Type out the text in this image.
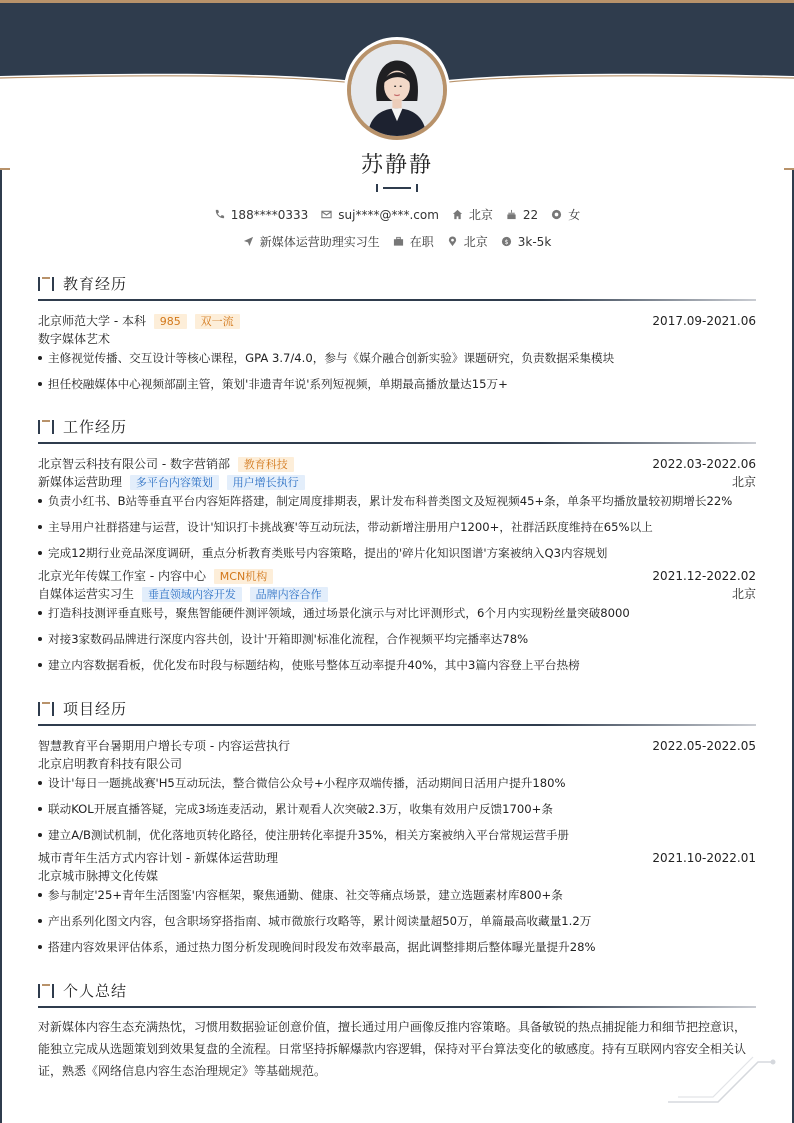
苏静静
188****0333	suj****@***.com	北京	22	女
新媒体运营助理实习生	在职	北京 $ 3k-5k
教育经历
北京师范大学 - 本科 985 双一流	2017.09-2021.06
数字媒体艺术
主修视觉传播、交互设计等核心课程，GPA 3.7/4.0，参与《媒介融合创新实验》课题研究，负责数据采集模块
担任校融媒体中心视频部副主管，策划'非遗青年说'系列短视频，单期最高播放量达15万+
工作经历
北京智云科技有限公司 - 数字营销部 教育科技	2022.03-2022.06
新媒体运营助理 多平台内容策划 用户增长执行	北京
负责小红书、B站等垂直平台内容矩阵搭建，制定周度排期表，累计发布科普类图文及短视频45+条，单条平均播放量较初期增长22%
主导用户社群搭建与运营，设计'知识打卡挑战赛'等互动玩法，带动新增注册用户1200+，社群活跃度维持在65%以上
完成12期行业竞品深度调研，重点分析教育类账号内容策略，提出的'碎片化知识图谱'方案被纳入Q3内容规划
北京光年传媒工作室 - 内容中心 MCN机构	2021.12-2022.02
自媒体运营实习生 垂直领域内容开发 品牌内容合作	北京
打造科技测评垂直账号，聚焦智能硬件测评领域，通过场景化演示与对比评测形式，6个月内实现粉丝量突破8000
对接3家数码品牌进行深度内容共创，设计'开箱即测'标准化流程，合作视频平均完播率达78%
建立内容数据看板，优化发布时段与标题结构，使账号整体互动率提升40%，其中3篇内容登上平台热榜
项目经历
智慧教育平台暑期用户增长专项 - 内容运营执行	2022.05-2022.05
北京启明教育科技有限公司
设计'每日一题挑战赛'H5互动玩法，整合微信公众号+小程序双端传播，活动期间日活用户提升180%
联动KOL开展直播答疑，完成3场连麦活动，累计观看人次突破2.3万，收集有效用户反馈1700+条
建立A/B测试机制，优化落地页转化路径，使注册转化率提升35%，相关方案被纳入平台常规运营手册
城市青年生活方式内容计划 - 新媒体运营助理	2021.10-2022.01
北京城市脉搏文化传媒
参与制定'25+青年生活图鉴'内容框架，聚焦通勤、健康、社交等痛点场景，建立选题素材库800+条
产出系列化图文内容，包含职场穿搭指南、城市微旅行攻略等，累计阅读量超50万，单篇最高收藏量1.2万
搭建内容效果评估体系，通过热力图分析发现晚间时段发布效率最高，据此调整排期后整体曝光量提升28%
个人总结
对新媒体内容生态充满热忱，习惯用数据验证创意价值，擅长通过用户画像反推内容策略。具备敏锐的热点捕捉能力和细节把控意识，能独立完成从选题策划到效果复盘的全流程。日常坚持拆解爆款内容逻辑，保持对平台算法变化的敏感度。持有互联网内容安全相关认证，熟悉《网络信息内容生态治理规定》等基础规范。
